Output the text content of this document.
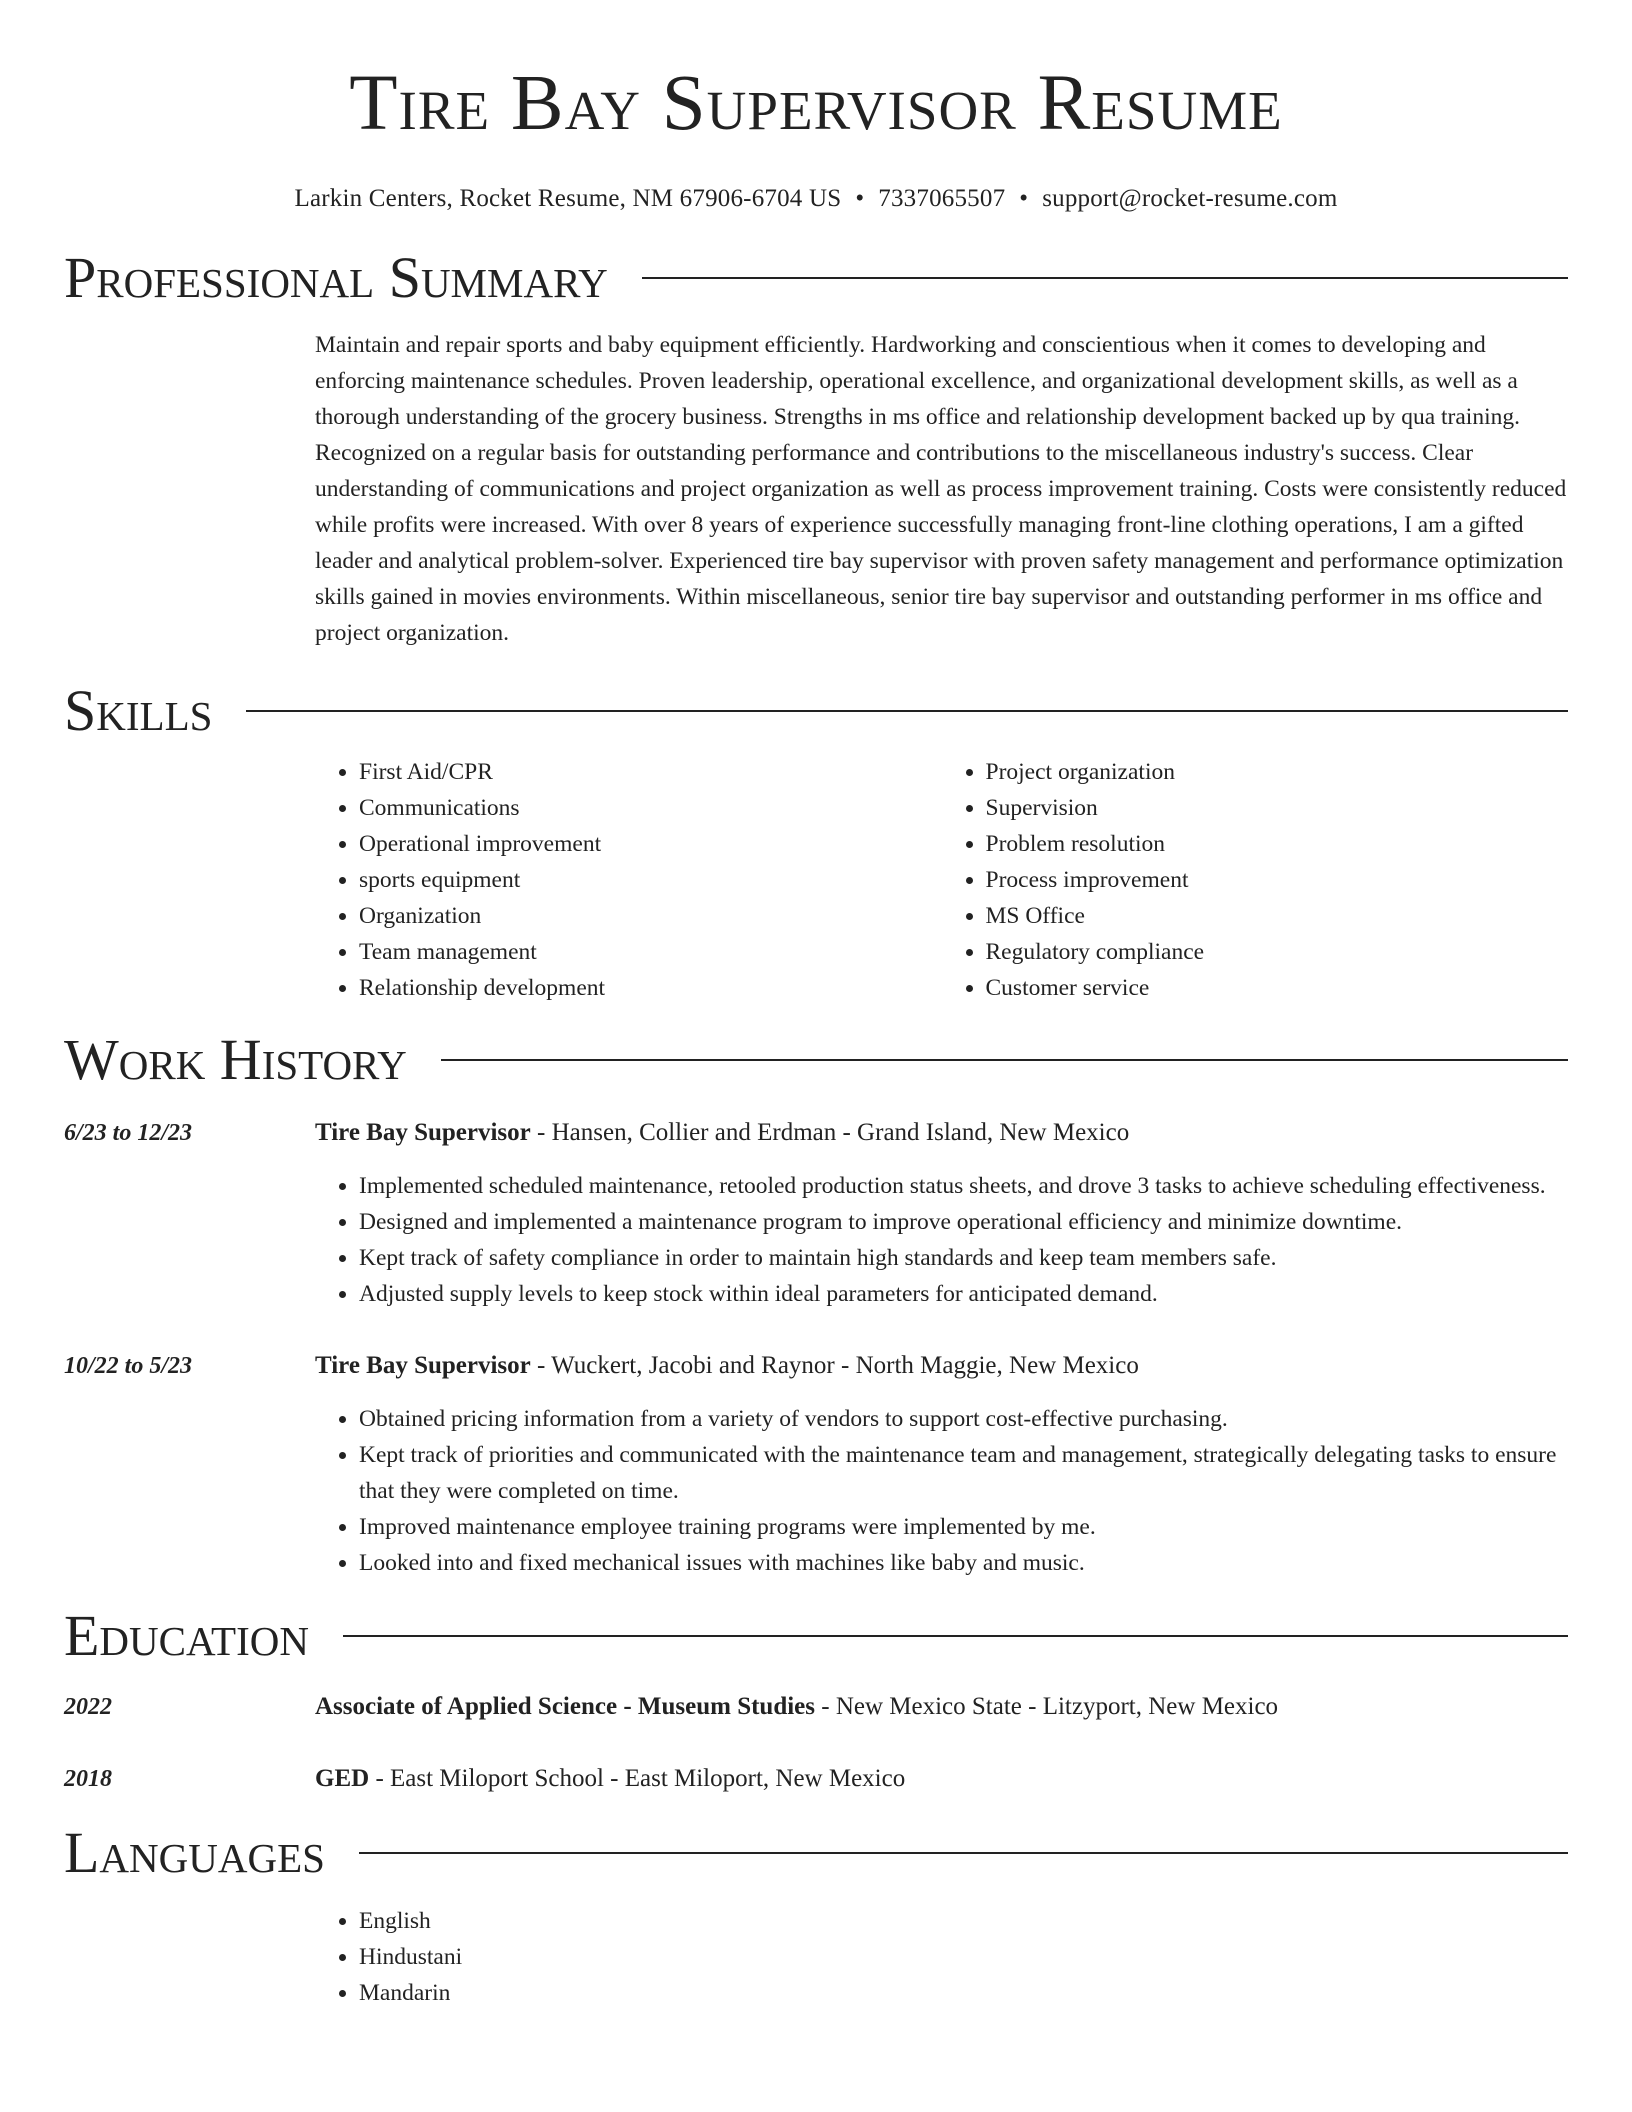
Tire Bay Supervisor Resume
Larkin Centers, Rocket Resume, NM 67906-6704 US • 7337065507 • support@rocket-resume.com
Professional Summary

Maintain and repair sports and baby equipment efficiently. Hardworking and conscientious when it comes to developing and enforcing maintenance schedules. Proven leadership, operational excellence, and organizational development skills, as well as a thorough understanding of the grocery business. Strengths in ms office and relationship development backed up by qua training. Recognized on a regular basis for outstanding performance and contributions to the miscellaneous industry's success. Clear understanding of communications and project organization as well as process improvement training. Costs were consistently reduced while profits were increased. With over 8 years of experience successfully managing front-line clothing operations, I am a gifted leader and analytical problem-solver. Experienced tire bay supervisor with proven safety management and performance optimization skills gained in movies environments. Within miscellaneous, senior tire bay supervisor and outstanding performer in ms office and project organization.

Skills
• First Aid/CPR
• Communications
• Operational improvement
• sports equipment
• Organization
• Team management
• Relationship development
• Project organization
• Supervision
• Problem resolution
• Process improvement
• MS Office
• Regulatory compliance
• Customer service
Work History
6/23 to 12/23	Tire Bay Supervisor - Hansen, Collier and Erdman - Grand Island, New Mexico
• Implemented scheduled maintenance, retooled production status sheets, and drove 3 tasks to achieve scheduling effectiveness.
• Designed and implemented a maintenance program to improve operational efficiency and minimize downtime.
• Kept track of safety compliance in order to maintain high standards and keep team members safe.
• Adjusted supply levels to keep stock within ideal parameters for anticipated demand.
10/22 to 5/23	Tire Bay Supervisor - Wuckert, Jacobi and Raynor - North Maggie, New Mexico
• Obtained pricing information from a variety of vendors to support cost-effective purchasing.
• Kept track of priorities and communicated with the maintenance team and management, strategically delegating tasks to ensure that they were completed on time.
• Improved maintenance employee training programs were implemented by me.
• Looked into and fixed mechanical issues with machines like baby and music.
Education
2022	Associate of Applied Science - Museum Studies - New Mexico State - Litzyport, New Mexico
2018	GED - East Miloport School - East Miloport, New Mexico
Languages
• English
• Hindustani
• Mandarin
